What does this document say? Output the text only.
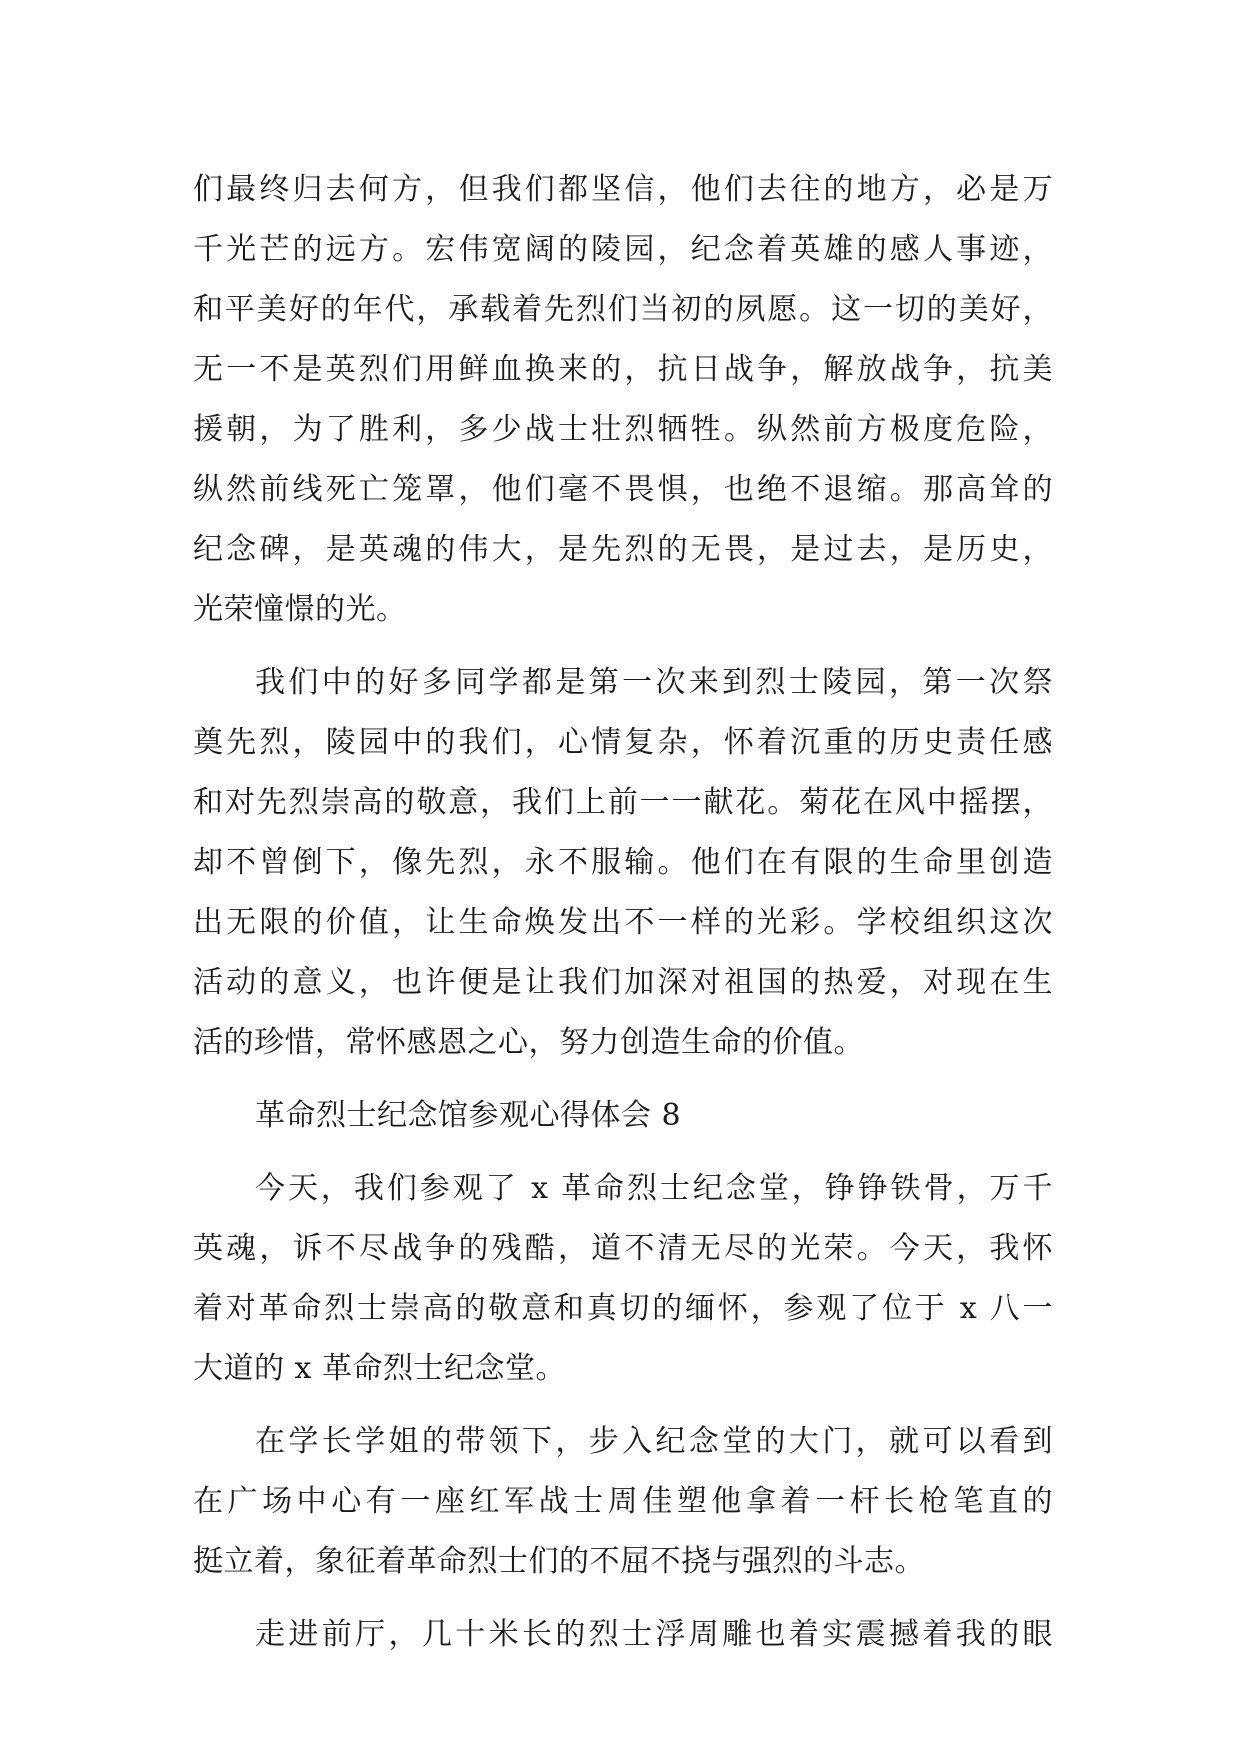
们最终归去何方，但我们都坚信，他们去往的地方，必是万
千光芒的远方。宏伟宽阔的陵园，纪念着英雄的感人事迹，
和平美好的年代，承载着先烈们当初的夙愿。这一切的美好，
无一不是英烈们用鲜血换来的，抗日战争，解放战争，抗美
援朝，为了胜利，多少战士壮烈牺牲。纵然前方极度危险，
纵然前线死亡笼罩，他们毫不畏惧，也绝不退缩。那高耸的
纪念碑，是英魂的伟大，是先烈的无畏，是过去，是历史，
光荣憧憬的光。
我们中的好多同学都是第一次来到烈士陵园，第一次祭
奠先烈，陵园中的我们，心情复杂，怀着沉重的历史责任感
和对先烈崇高的敬意，我们上前一一献花。菊花在风中摇摆，
却不曾倒下，像先烈，永不服输。他们在有限的生命里创造
出无限的价值，让生命焕发出不一样的光彩。学校组织这次
活动的意义，也许便是让我们加深对祖国的热爱，对现在生
活的珍惜，常怀感恩之心，努力创造生命的价值。
革命烈士纪念馆参观心得体会 8
今天，我们参观了 x 革命烈士纪念堂，铮铮铁骨，万千
英魂，诉不尽战争的残酷，道不清无尽的光荣。今天，我怀
着对革命烈士崇高的敬意和真切的缅怀，参观了位于 x 八一
大道的 x 革命烈士纪念堂。
在学长学姐的带领下，步入纪念堂的大门，就可以看到
在广场中心有一座红军战士周佳塑他拿着一杆长枪笔直的
挺立着，象征着革命烈士们的不屈不挠与强烈的斗志。
走进前厅，几十米长的烈士浮周雕也着实震撼着我的眼
